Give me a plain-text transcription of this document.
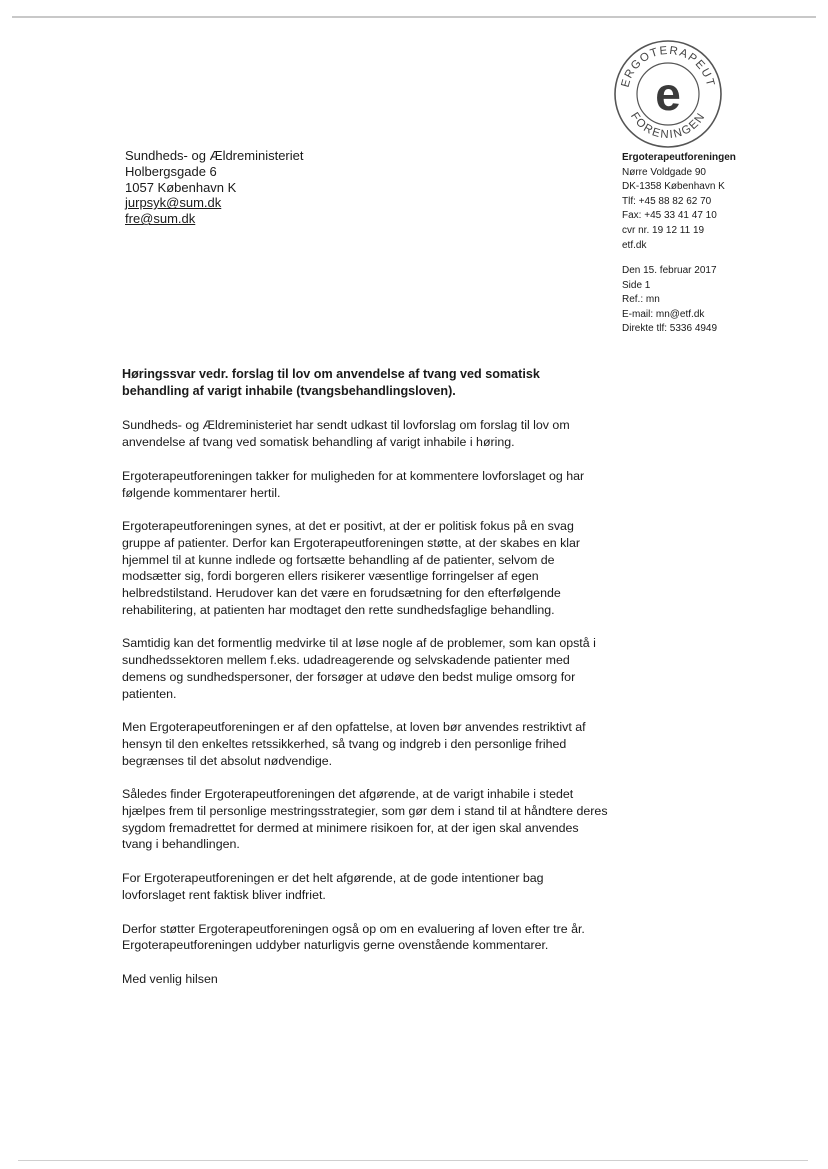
ERGOTERAPEUT
FORENINGEN
e
Sundheds- og Ældreministeriet
Holbergsgade 6
1057 København K
jurpsyk@sum.dk
fre@sum.dk
Ergoterapeutforeningen
Nørre Voldgade 90
DK-1358 København K
Tlf: +45 88 82 62 70
Fax: +45 33 41 47 10
cvr nr. 19 12 11 19
etf.dk
Den 15. februar 2017
Side 1
Ref.: mn
E-mail: mn@etf.dk
Direkte tlf: 5336 4949
Høringssvar vedr. forslag til lov om anvendelse af tvang ved somatisk behandling af varigt inhabile (tvangsbehandlingsloven).

Sundheds- og Ældreministeriet har sendt udkast til lovforslag om forslag til lov om anvendelse af tvang ved somatisk behandling af varigt inhabile i høring.

Ergoterapeutforeningen takker for muligheden for at kommentere lovforslaget og har følgende kommentarer hertil.

Ergoterapeutforeningen synes, at det er positivt, at der er politisk fokus på en svag gruppe af patienter. Derfor kan Ergoterapeutforeningen støtte, at der skabes en klar hjemmel til at kunne indlede og fortsætte behandling af de patienter, selvom de modsætter sig, fordi borgeren ellers risikerer væsentlige forringelser af egen helbredstilstand. Herudover kan det være en forudsætning for den efterfølgende rehabilitering, at patienten har modtaget den rette sundhedsfaglige behandling.

Samtidig kan det formentlig medvirke til at løse nogle af de problemer, som kan opstå i sundhedssektoren mellem f.eks. udadreagerende og selvskadende patienter med demens og sundhedspersoner, der forsøger at udøve den bedst mulige omsorg for patienten.

Men Ergoterapeutforeningen er af den opfattelse, at loven bør anvendes restriktivt af hensyn til den enkeltes retssikkerhed, så tvang og indgreb i den personlige frihed begrænses til det absolut nødvendige.

Således finder Ergoterapeutforeningen det afgørende, at de varigt inhabile i stedet hjælpes frem til personlige mestringsstrategier, som gør dem i stand til at håndtere deres sygdom fremadrettet for dermed at minimere risikoen for, at der igen skal anvendes tvang i behandlingen.

For Ergoterapeutforeningen er det helt afgørende, at de gode intentioner bag lovforslaget rent faktisk bliver indfriet.

Derfor støtter Ergoterapeutforeningen også op om en evaluering af loven efter tre år. Ergoterapeutforeningen uddyber naturligvis gerne ovenstående kommentarer.

Med venlig hilsen
